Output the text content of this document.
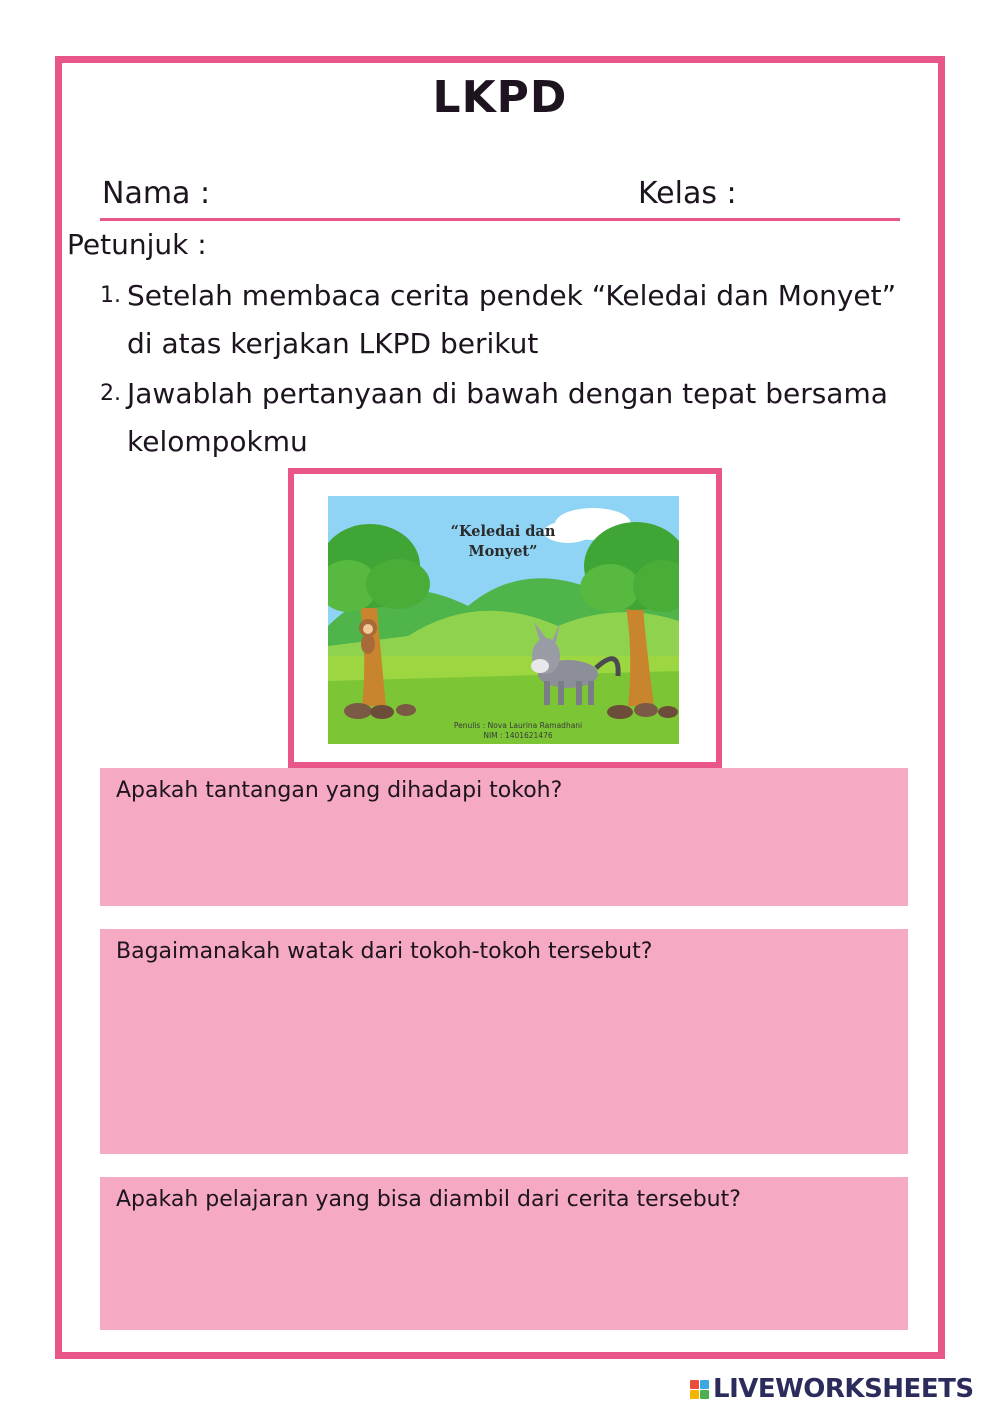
LKPD
Nama :	Kelas :
Petunjuk :
1. Setelah membaca cerita pendek “Keledai dan Monyet” di atas kerjakan LKPD berikut
2. Jawablah pertanyaan di bawah dengan tepat bersama kelompokmu
“Keledai dan Monyet”
Penulis : Nova Laurina Ramadhani
NIM : 1401621476
Apakah tantangan yang dihadapi tokoh?
Bagaimanakah watak dari tokoh-tokoh tersebut?
Apakah pelajaran yang bisa diambil dari cerita tersebut?
LIVEWORKSHEETS
